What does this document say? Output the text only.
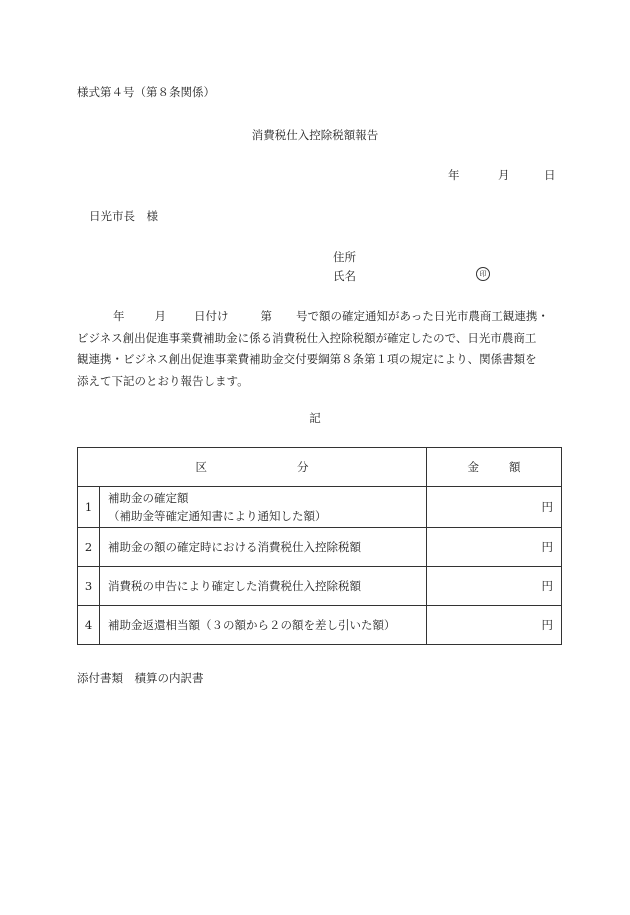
様式第４号（第８条関係）
消費税仕入控除税額報告
年	月	日
日光市長　様
住所
氏名	印
年	月 日付け	第 号で額の確定通知があった日光市農商工観連携・
ビジネス創出促進事業費補助金に係る消費税仕入控除税額が確定したので、日光市農商工
観連携・ビジネス創出促進事業費補助金交付要綱第８条第１項の規定により、関係書類を
添えて下記のとおり報告します。
記
区 分		金 額
1	補助金の確定額
（補助金等確定通知書により通知した額）	円
2	補助金の額の確定時における消費税仕入控除税額	円
3	消費税の申告により確定した消費税仕入控除税額	円
4	補助金返還相当額（３の額から２の額を差し引いた額）	円
添付書類　積算の内訳書
